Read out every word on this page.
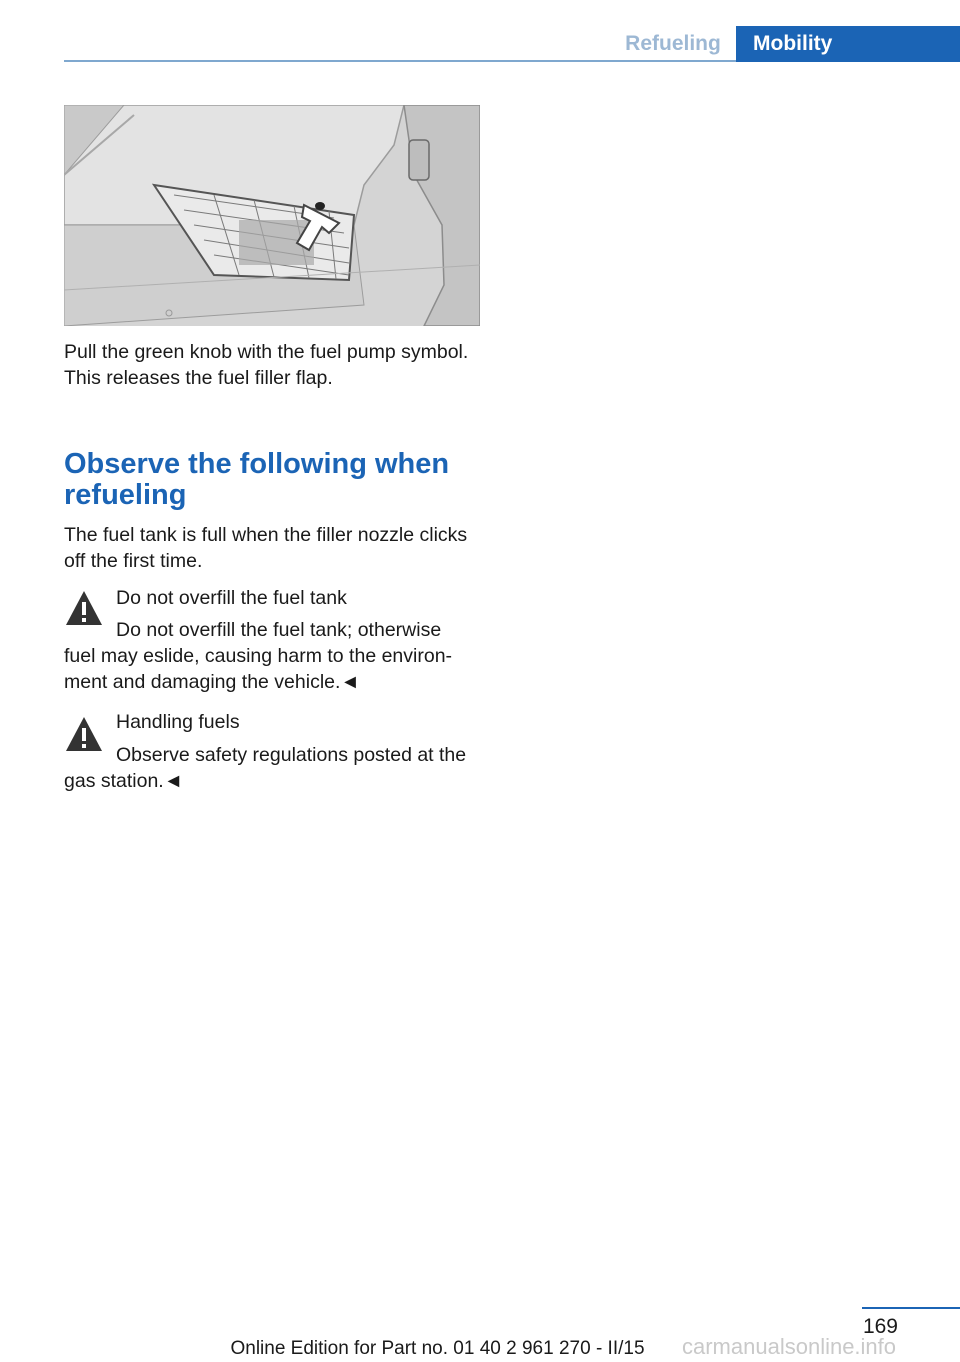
Refueling	Mobility

Pull the green knob with the fuel pump symbol.
This releases the fuel filler flap.

Observe the following when
refueling

The fuel tank is full when the filler nozzle clicks
off the first time.

Do not overfill the fuel tank

Do not overfill the fuel tank; otherwise
fuel may eslide, causing harm to the environ-
ment and damaging the vehicle.◄

Handling fuels

Observe safety regulations posted at the
gas station.◄

169
Online Edition for Part no. 01 40 2 961 270 - II/15	carmanualsonline.info
